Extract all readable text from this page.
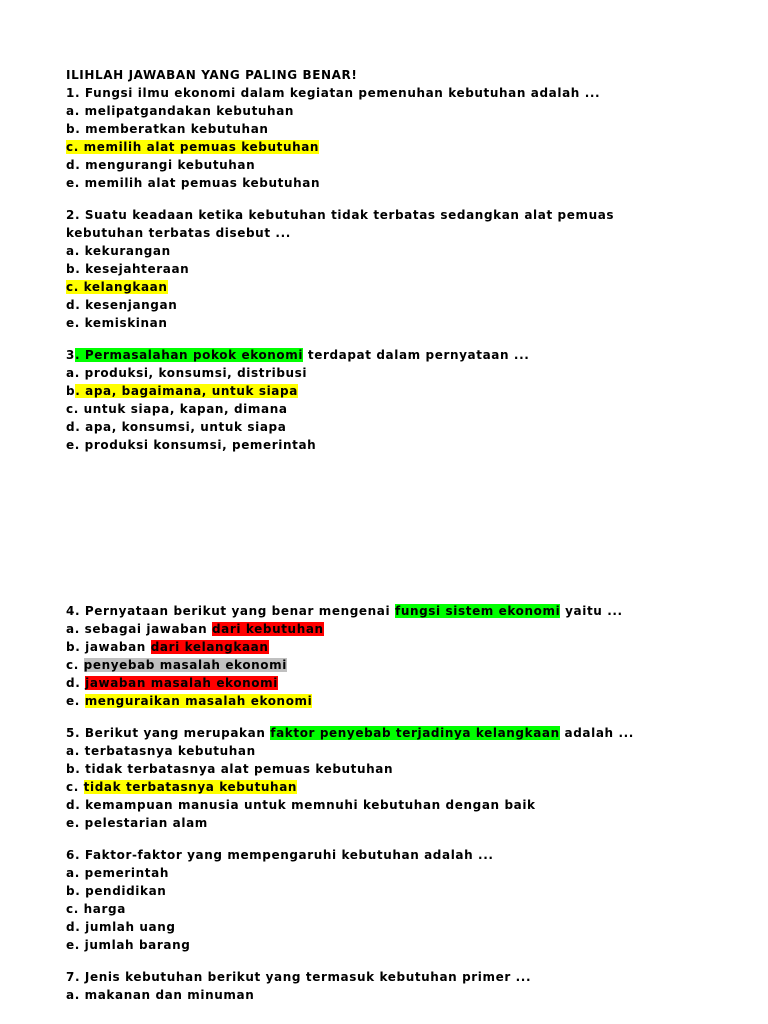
ILIHLAH JAWABAN YANG PALING BENAR!
1. Fungsi ilmu ekonomi dalam kegiatan pemenuhan kebutuhan adalah ...
a. melipatgandakan kebutuhan
b. memberatkan kebutuhan
c. memilih alat pemuas kebutuhan
d. mengurangi kebutuhan
e. memilih alat pemuas kebutuhan
2. Suatu keadaan ketika kebutuhan tidak terbatas sedangkan alat pemuas
kebutuhan terbatas disebut ...
a. kekurangan
b. kesejahteraan
c. kelangkaan
d. kesenjangan
e. kemiskinan
3. Permasalahan pokok ekonomi terdapat dalam pernyataan ...
a. produksi, konsumsi, distribusi
b. apa, bagaimana, untuk siapa
c. untuk siapa, kapan, dimana
d. apa, konsumsi, untuk siapa
e. produksi konsumsi, pemerintah
4. Pernyataan berikut yang benar mengenai fungsi sistem ekonomi yaitu ...
a. sebagai jawaban dari kebutuhan
b. jawaban dari kelangkaan
c. penyebab masalah ekonomi
d. jawaban masalah ekonomi
e. menguraikan masalah ekonomi
5. Berikut yang merupakan faktor penyebab terjadinya kelangkaan adalah ...
a. terbatasnya kebutuhan
b. tidak terbatasnya alat pemuas kebutuhan
c. tidak terbatasnya kebutuhan
d. kemampuan manusia untuk memnuhi kebutuhan dengan baik
e. pelestarian alam
6. Faktor-faktor yang mempengaruhi kebutuhan adalah ...
a. pemerintah
b. pendidikan
c. harga
d. jumlah uang
e. jumlah barang
7. Jenis kebutuhan berikut yang termasuk kebutuhan primer ...
a. makanan dan minuman
